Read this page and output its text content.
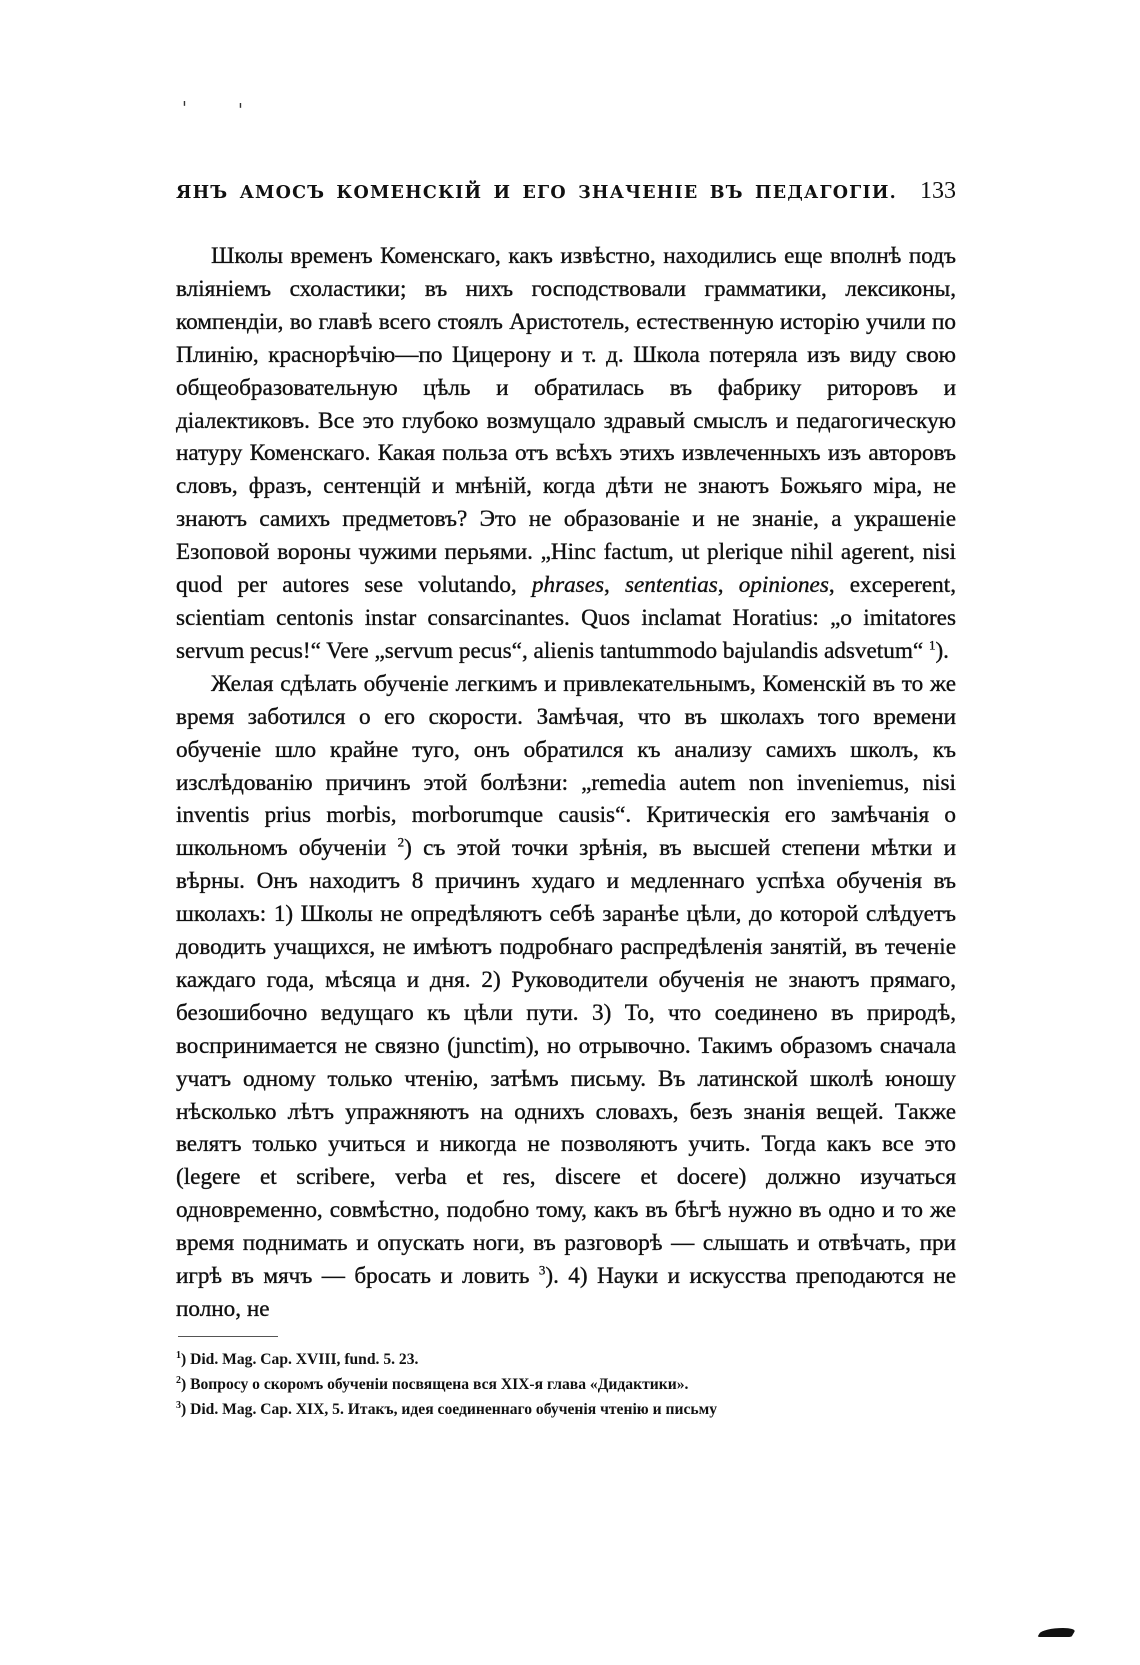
'	'
ЯНЪ АМОСЪ КОМЕНСКІЙ И ЕГО ЗНАЧЕНІЕ ВЪ ПЕДАГОГІИ. 133

Школы временъ Коменскаго, какъ извѣстно, находились еще вполнѣ подъ вліяніемъ схоластики; въ нихъ господствовали грамматики, лексиконы, компендіи, во главѣ всего стоялъ Аристотель, естественную исторію учили по Плинію, краснорѣчію—по Цицерону и т. д. Школа потеряла изъ виду свою общеобразовательную цѣль и обратилась въ фабрику риторовъ и діалектиковъ. Все это глубоко возмущало здравый смыслъ и педагогическую натуру Коменскаго. Какая польза отъ всѣхъ этихъ извлеченныхъ изъ авторовъ словъ, фразъ, сентенцій и мнѣній, когда дѣти не знаютъ Божьяго міра, не знаютъ самихъ предметовъ? Это не образованіе и не знаніе, а украшеніе Езоповой вороны чужими перьями. „Hinc factum, ut plerique nihil agerent, nisi quod per autores sese volutando, phrases, sententias, opiniones, exceperent, scientiam centonis instar consarcinantes. Quos inclamat Horatius: „o imitatores servum pecus!“ Vere „servum pecus“, alienis tantummodo bajulandis adsvetum“ $^1$).

Желая сдѣлать обученіе легкимъ и привлекательнымъ, Коменскій въ то же время заботился о его скорости. Замѣчая, что въ школахъ того времени обученіе шло крайне туго, онъ обратился къ анализу самихъ школъ, къ изслѣдованію причинъ этой болѣзни: „remedia autem non inveniemus, nisi inventis prius morbis, morborumque causis“. Критическія его замѣчанія о школьномъ обученіи $^2$) съ этой точки зрѣнія, въ высшей степени мѣтки и вѣрны. Онъ находитъ 8 причинъ худаго и медленнаго успѣха обученія въ школахъ: 1) Школы не опредѣляютъ себѣ заранѣе цѣли, до которой слѣдуетъ доводить учащихся, не имѣютъ подробнаго распредѣленія занятій, въ теченіе каждаго года, мѣсяца и дня. 2) Руководители обученія не знаютъ прямаго, безошибочно ведущаго къ цѣли пути. 3) То, что соединено въ природѣ, воспринимается не связно (junctim), но отрывочно. Такимъ образомъ сначала учатъ одному только чтенію, затѣмъ письму. Въ латинской школѣ юношу нѣсколько лѣтъ упражняютъ на однихъ словахъ, безъ знанія вещей. Также велятъ только учиться и никогда не позволяютъ учить. Тогда какъ все это (legere et scribere, verba et res, discere et docere) должно изучаться одновременно, совмѣстно, подобно тому, какъ въ бѣгѣ нужно въ одно и то же время поднимать и опускать ноги, въ разговорѣ — слышать и отвѣчать, при игрѣ въ мячъ — бросать и ловить $^3$). 4) Науки и искусства преподаются не полно, не

$^1$) Did. Mag. Cap. XVIII, fund. 5. 23.
$^2$) Вопросу о скоромъ обученіи посвящена вся XIX-я глава «Дидактики».
$^3$) Did. Mag. Cap. XIX, 5. Итакъ, идея соединеннаго обученія чтенію и письму
